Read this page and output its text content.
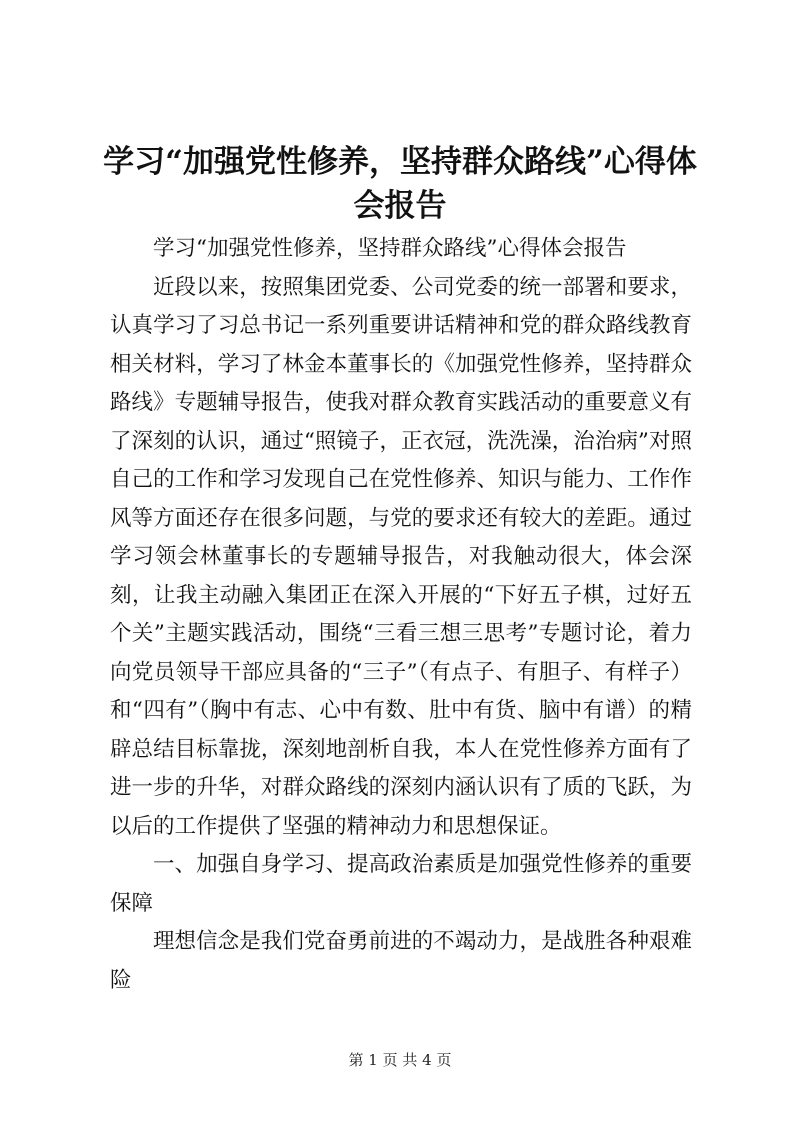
学习“加强党性修养，坚持群众路线”心得体会报告

学习“加强党性修养，坚持群众路线”心得体会报告

近段以来，按照集团党委、公司党委的统一部署和要求，认真学习了习总书记一系列重要讲话精神和党的群众路线教育相关材料，学习了林金本董事长的《加强党性修养，坚持群众路线》专题辅导报告，使我对群众教育实践活动的重要意义有了深刻的认识，通过“照镜子，正衣冠，洗洗澡，治治病”对照自己的工作和学习发现自己在党性修养、知识与能力、工作作风等方面还存在很多问题，与党的要求还有较大的差距。通过学习领会林董事长的专题辅导报告，对我触动很大，体会深刻，让我主动融入集团正在深入开展的“下好五子棋，过好五个关”主题实践活动，围绕“三看三想三思考”专题讨论，着力向党员领导干部应具备的“三子”（有点子、有胆子、有样子）和“四有”（胸中有志、心中有数、肚中有货、脑中有谱）的精辟总结目标靠拢，深刻地剖析自我，本人在党性修养方面有了进一步的升华，对群众路线的深刻内涵认识有了质的飞跃，为以后的工作提供了坚强的精神动力和思想保证。

一、加强自身学习、提高政治素质是加强党性修养的重要保障

理想信念是我们党奋勇前进的不竭动力，是战胜各种艰难险

第 1 页 共 4 页
